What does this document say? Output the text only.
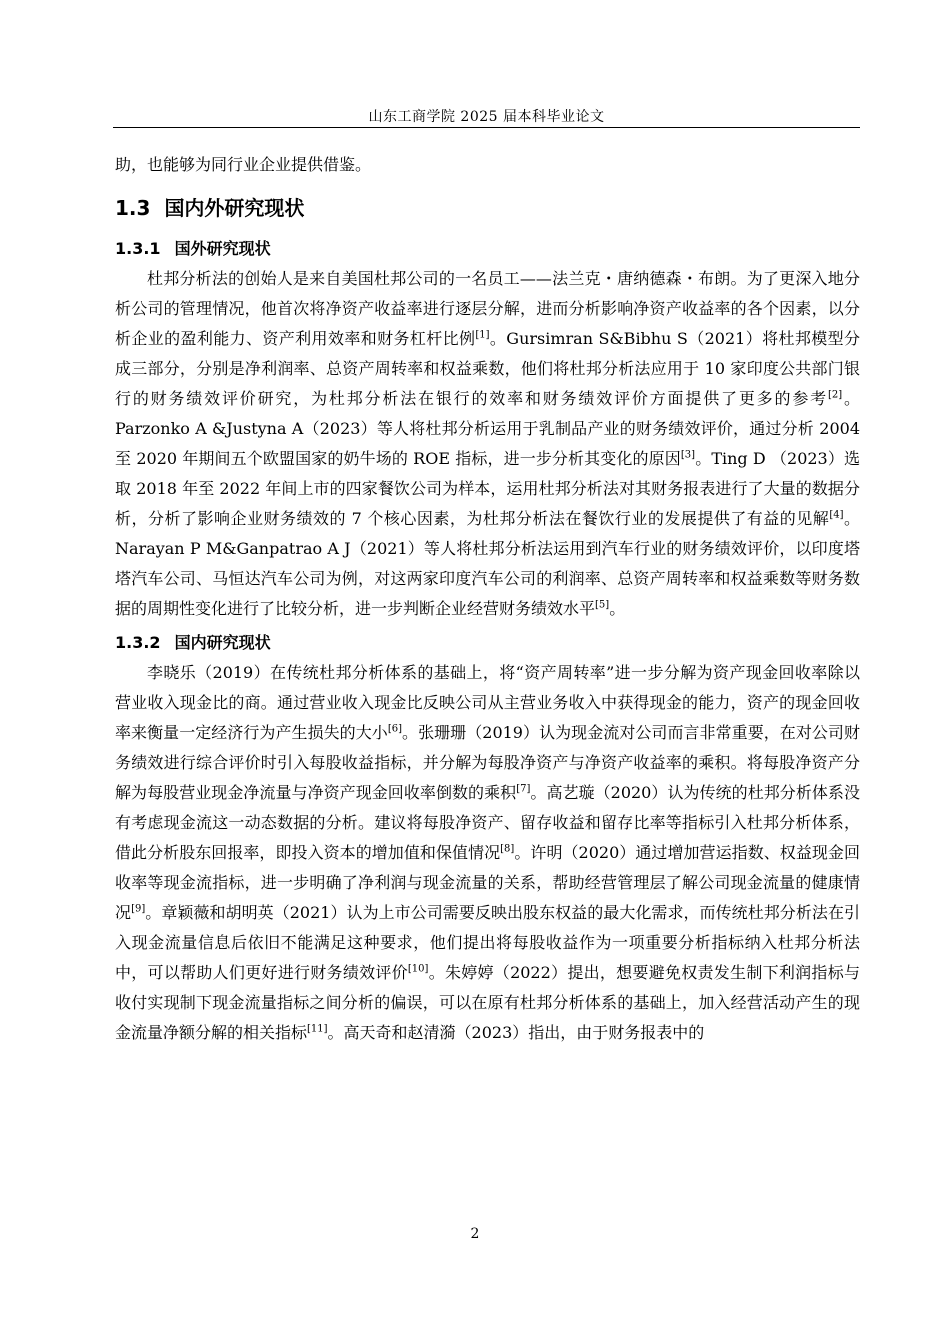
山东工商学院 2025 届本科毕业论文

助，也能够为同行业企业提供借鉴。

1.3 国内外研究现状
1.3.1 国外研究现状

杜邦分析法的创始人是来自美国杜邦公司的一名员工——法兰克・唐纳德森・布朗。为了更深入地分析公司的管理情况，他首次将净资产收益率进行逐层分解，进而分析影响净资产收益率的各个因素，以分析企业的盈利能力、资产利用效率和财务杠杆比例[1]。Gursimran S&Bibhu S（2021）将杜邦模型分成三部分，分别是净利润率、总资产周转率和权益乘数，他们将杜邦分析法应用于 10 家印度公共部门银行的财务绩效评价研究，为杜邦分析法在银行的效率和财务绩效评价方面提供了更多的参考[2]。Parzonko A &Justyna A（2023）等人将杜邦分析运用于乳制品产业的财务绩效评价，通过分析 2004 至 2020 年期间五个欧盟国家的奶牛场的 ROE 指标，进一步分析其变化的原因[3]。Ting D （2023）选取 2018 年至 2022 年间上市的四家餐饮公司为样本，运用杜邦分析法对其财务报表进行了大量的数据分析，分析了影响企业财务绩效的 7 个核心因素，为杜邦分析法在餐饮行业的发展提供了有益的见解[4]。Narayan P M&Ganpatrao A J（2021）等人将杜邦分析法运用到汽车行业的财务绩效评价，以印度塔塔汽车公司、马恒达汽车公司为例，对这两家印度汽车公司的利润率、总资产周转率和权益乘数等财务数据的周期性变化进行了比较分析，进一步判断企业经营财务绩效水平[5]。

1.3.2 国内研究现状

李晓乐（2019）在传统杜邦分析体系的基础上，将“资产周转率”进一步分解为资产现金回收率除以营业收入现金比的商。通过营业收入现金比反映公司从主营业务收入中获得现金的能力，资产的现金回收率来衡量一定经济行为产生损失的大小[6]。张珊珊（2019）认为现金流对公司而言非常重要，在对公司财务绩效进行综合评价时引入每股收益指标，并分解为每股净资产与净资产收益率的乘积。将每股净资产分解为每股营业现金净流量与净资产现金回收率倒数的乘积[7]。高艺璇（2020）认为传统的杜邦分析体系没有考虑现金流这一动态数据的分析。建议将每股净资产、留存收益和留存比率等指标引入杜邦分析体系，借此分析股东回报率，即投入资本的增加值和保值情况[8]。许明（2020）通过增加营运指数、权益现金回收率等现金流指标，进一步明确了净利润与现金流量的关系，帮助经营管理层了解公司现金流量的健康情况[9]。章颖薇和胡明英（2021）认为上市公司需要反映出股东权益的最大化需求，而传统杜邦分析法在引入现金流量信息后依旧不能满足这种要求，他们提出将每股收益作为一项重要分析指标纳入杜邦分析法中，可以帮助人们更好进行财务绩效评价[10]。朱婷婷（2022）提出，想要避免权责发生制下利润指标与收付实现制下现金流量指标之间分析的偏误，可以在原有杜邦分析体系的基础上，加入经营活动产生的现金流量净额分解的相关指标[11]。高天奇和赵清漪（2023）指出，由于财务报表中的

2
